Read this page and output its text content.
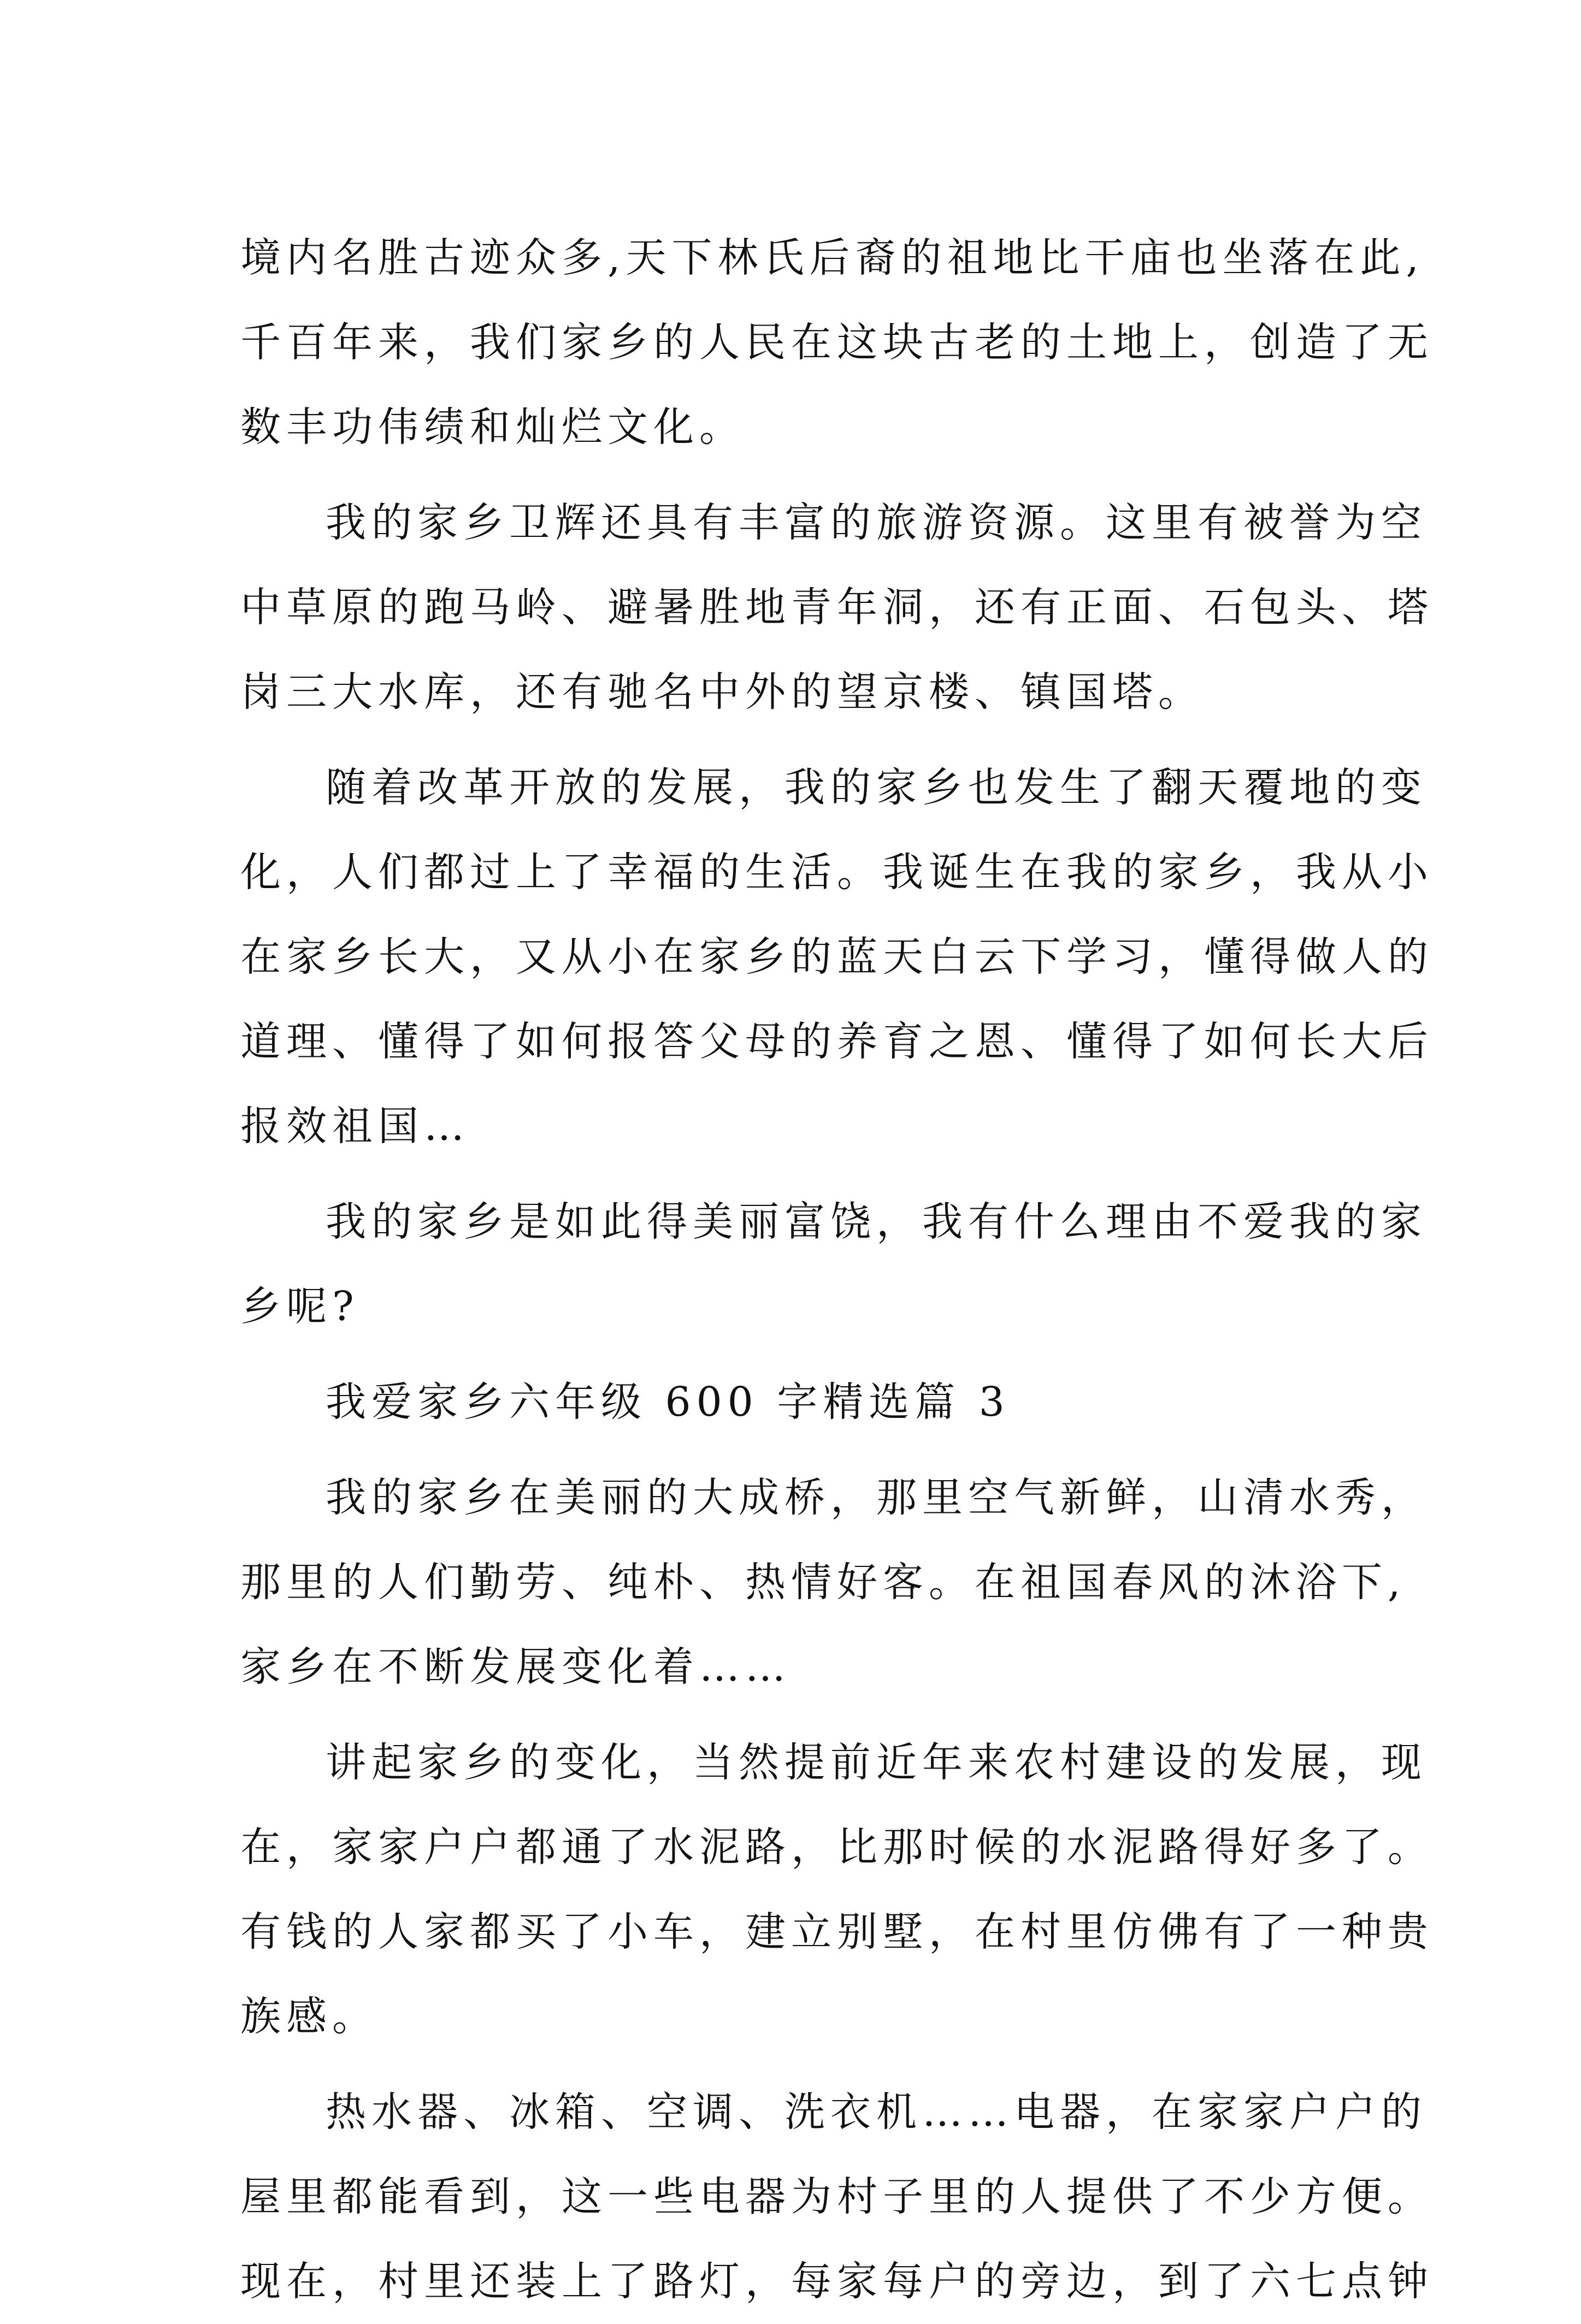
境内名胜古迹众多,天下林氏后裔的祖地比干庙也坐落在此,
千百年来，我们家乡的人民在这块古老的土地上，创造了无
数丰功伟绩和灿烂文化。
我的家乡卫辉还具有丰富的旅游资源。这里有被誉为空
中草原的跑马岭、避暑胜地青年洞，还有正面、石包头、塔
岗三大水库，还有驰名中外的望京楼、镇国塔。
随着改革开放的发展，我的家乡也发生了翻天覆地的变
化，人们都过上了幸福的生活。我诞生在我的家乡，我从小
在家乡长大，又从小在家乡的蓝天白云下学习，懂得做人的
道理、懂得了如何报答父母的养育之恩、懂得了如何长大后
报效祖国…
我的家乡是如此得美丽富饶，我有什么理由不爱我的家
乡呢?
我爱家乡六年级 600 字精选篇 3
我的家乡在美丽的大成桥，那里空气新鲜，山清水秀，
那里的人们勤劳、纯朴、热情好客。在祖国春风的沐浴下,
家乡在不断发展变化着……
讲起家乡的变化，当然提前近年来农村建设的发展，现
在，家家户户都通了水泥路，比那时候的水泥路得好多了。
有钱的人家都买了小车，建立别墅，在村里仿佛有了一种贵
族感。
热水器、冰箱、空调、洗衣机……电器，在家家户户的
屋里都能看到，这一些电器为村子里的人提供了不少方便。
现在，村里还装上了路灯，每家每户的旁边，到了六七点钟
